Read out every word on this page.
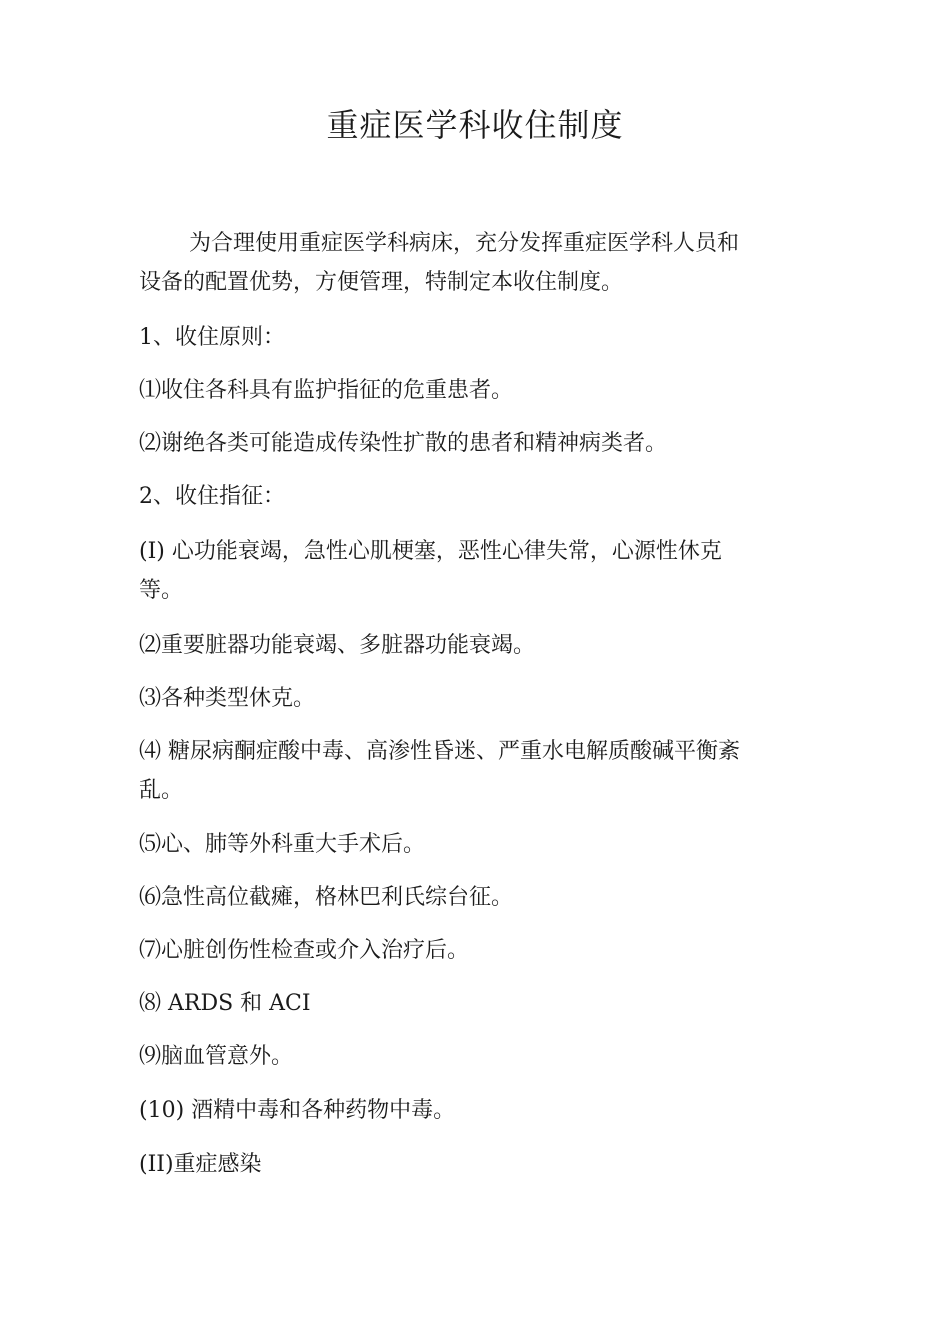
重症医学科收住制度
为合理使用重症医学科病床，充分发挥重症医学科人员和
设备的配置优势，方便管理，特制定本收住制度。
1、收住原则：
⑴收住各科具有监护指征的危重患者。
⑵谢绝各类可能造成传染性扩散的患者和精神病类者。
2、收住指征：
(I) 心功能衰竭，急性心肌梗塞，恶性心律失常，心源性休克
等。
⑵重要脏器功能衰竭、多脏器功能衰竭。
⑶各种类型休克。
⑷ 糖尿病酮症酸中毒、高渗性昏迷、严重水电解质酸碱平衡紊
乱。
⑸心、肺等外科重大手术后。
⑹急性高位截瘫，格林巴利氏综台征。
⑺心脏创伤性检查或介入治疗后。
⑻ ARDS 和 ACI
⑼脑血管意外。
(10) 酒精中毒和各种药物中毒。
(II)重症感染
